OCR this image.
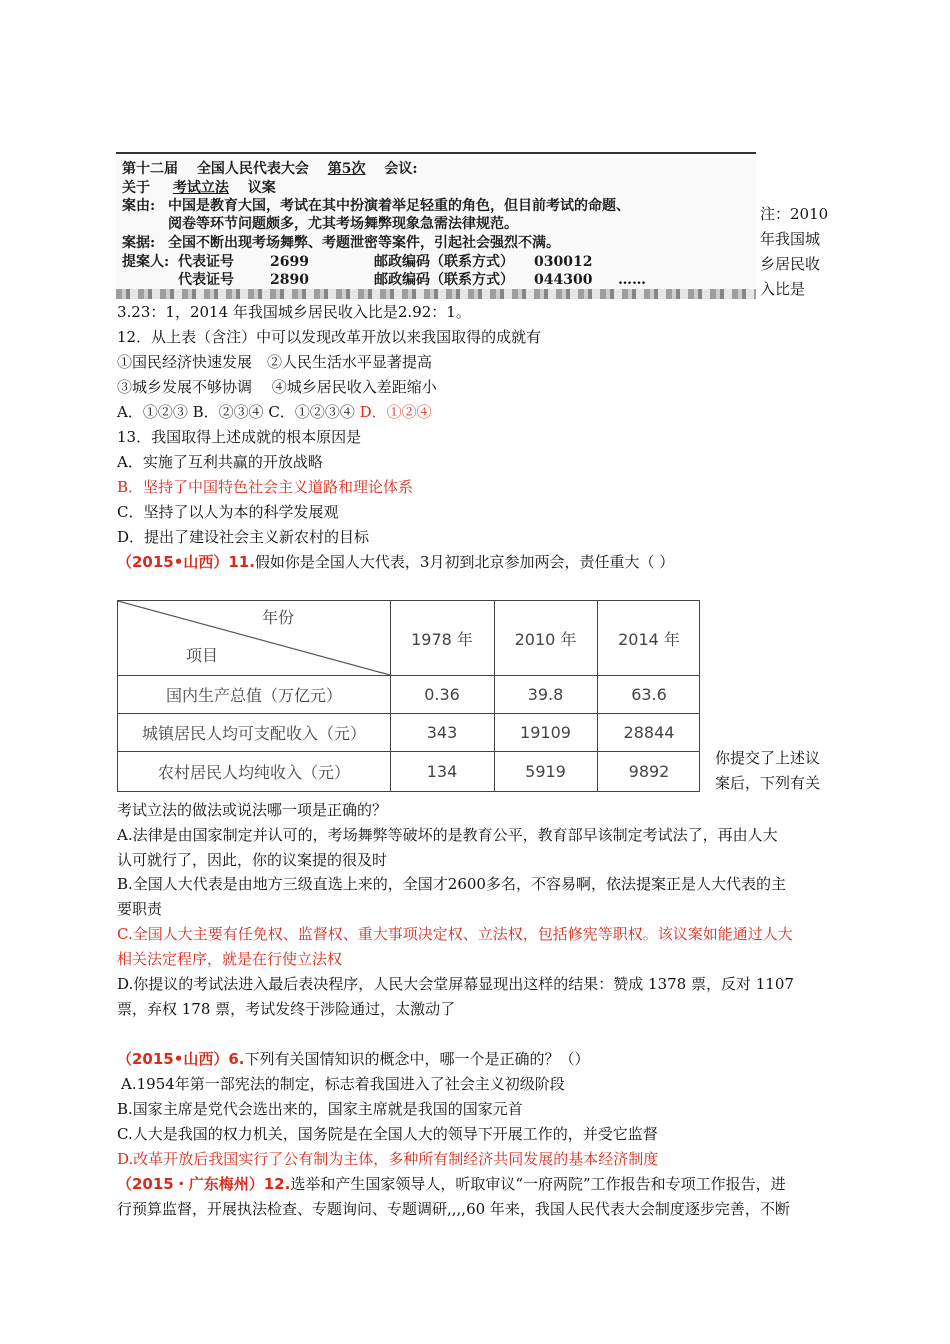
第十二届 全国人民代表大会 第5次 会议:
关于 考试立法 议案
案由: 中国是教育大国，考试在其中扮演着举足轻重的角色，但目前考试的命题、
阅卷等环节问题颇多，尤其考场舞弊现象急需法律规范。
案据: 全国不断出现考场舞弊、考题泄密等案件，引起社会强烈不满。
提案人: 代表证号	2699	邮政编码（联系方式） 030012
代表证号	2890	邮政编码（联系方式） 044300 ……
注：2010
年我国城
乡居民收
入比是
3.23：1，2014 年我国城乡居民收入比是2.92：1。
12．从上表（含注）中可以发现改革开放以来我国取得的成就有
①国民经济快速发展　②人民生活水平显著提高
③城乡发展不够协调　 ④城乡居民收入差距缩小
A．①②③ B．②③④ C．①②③④ D．①②④
13．我国取得上述成就的根本原因是
A．实施了互利共赢的开放战略
B．坚持了中国特色社会主义道路和理论体系
C．坚持了以人为本的科学发展观
D．提出了建设社会主义新农村的目标
（2015•山西）11.假如你是全国人大代表，3月初到北京参加两会，责任重大（ ）
年份
项目
1978 年	2010 年	2014 年
国内生产总值（万亿元）	0.36	39.8	63.6
城镇居民人均可支配收入（元）	343	19109	28844
农村居民人均纯收入（元）	134	5919	9892
你提交了上述议
案后，下列有关
考试立法的做法或说法哪一项是正确的？
A.法律是由国家制定并认可的，考场舞弊等破坏的是教育公平，教育部早该制定考试法了，再由人大
认可就行了，因此，你的议案提的很及时
B.全国人大代表是由地方三级直选上来的，全国才2600多名，不容易啊，依法提案正是人大代表的主
要职责
C.全国人大主要有任免权、监督权、重大事项决定权、立法权，包括修宪等职权。该议案如能通过人大
相关法定程序，就是在行使立法权
D.你提议的考试法进入最后表决程序，人民大会堂屏幕显现出这样的结果：赞成 1378 票，反对 1107
票，弃权 178 票，考试发终于涉险通过，太激动了
（2015•山西）6.下列有关国情知识的概念中，哪一个是正确的？（）
A.1954年第一部宪法的制定，标志着我国进入了社会主义初级阶段
B.国家主席是党代会选出来的，国家主席就是我国的国家元首
C.人大是我国的权力机关，国务院是在全国人大的领导下开展工作的，并受它监督
D.改革开放后我国实行了公有制为主体，多种所有制经济共同发展的基本经济制度
（2015・广东梅州）12.选举和产生国家领导人，听取审议“一府两院”工作报告和专项工作报告，进
行预算监督，开展执法检查、专题询问、专题调研,,,,60 年来，我国人民代表大会制度逐步完善，不断
